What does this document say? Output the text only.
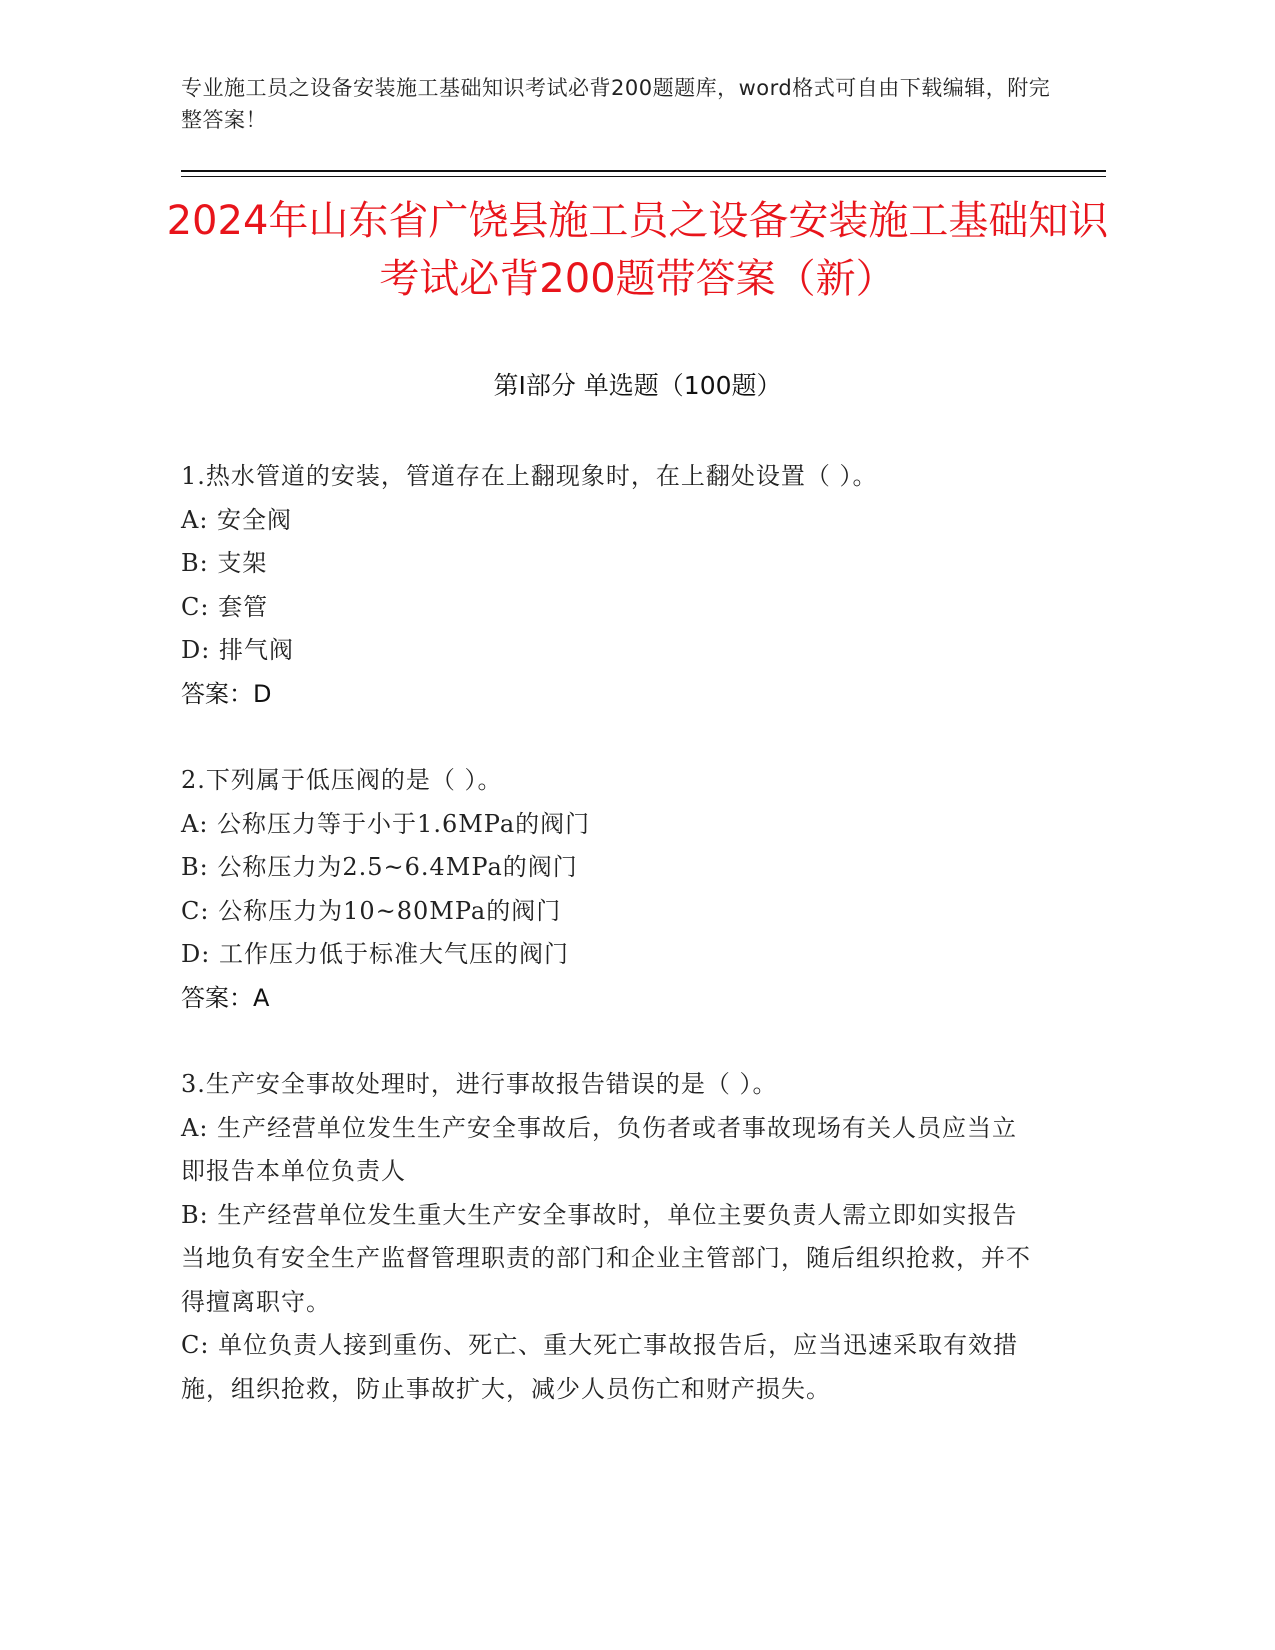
专业施工员之设备安装施工基础知识考试必背200题题库，word格式可自由下载编辑，附完整答案！
2024年山东省广饶县施工员之设备安装施工基础知识考试必背200题带答案（新）
第Ⅰ部分 单选题（100题）
1.热水管道的安装，管道存在上翻现象时，在上翻处设置（ ）。
A: 安全阀
B: 支架
C: 套管
D: 排气阀
答案：D
2.下列属于低压阀的是（ ）。
A: 公称压力等于小于1.6MPa的阀门
B: 公称压力为2.5~6.4MPa的阀门
C: 公称压力为10~80MPa的阀门
D: 工作压力低于标准大气压的阀门
答案：A
3.生产安全事故处理时，进行事故报告错误的是（ ）。
A: 生产经营单位发生生产安全事故后，负伤者或者事故现场有关人员应当立即报告本单位负责人
B: 生产经营单位发生重大生产安全事故时，单位主要负责人需立即如实报告当地负有安全生产监督管理职责的部门和企业主管部门，随后组织抢救，并不得擅离职守。
C: 单位负责人接到重伤、死亡、重大死亡事故报告后，应当迅速采取有效措施，组织抢救，防止事故扩大，减少人员伤亡和财产损失。
